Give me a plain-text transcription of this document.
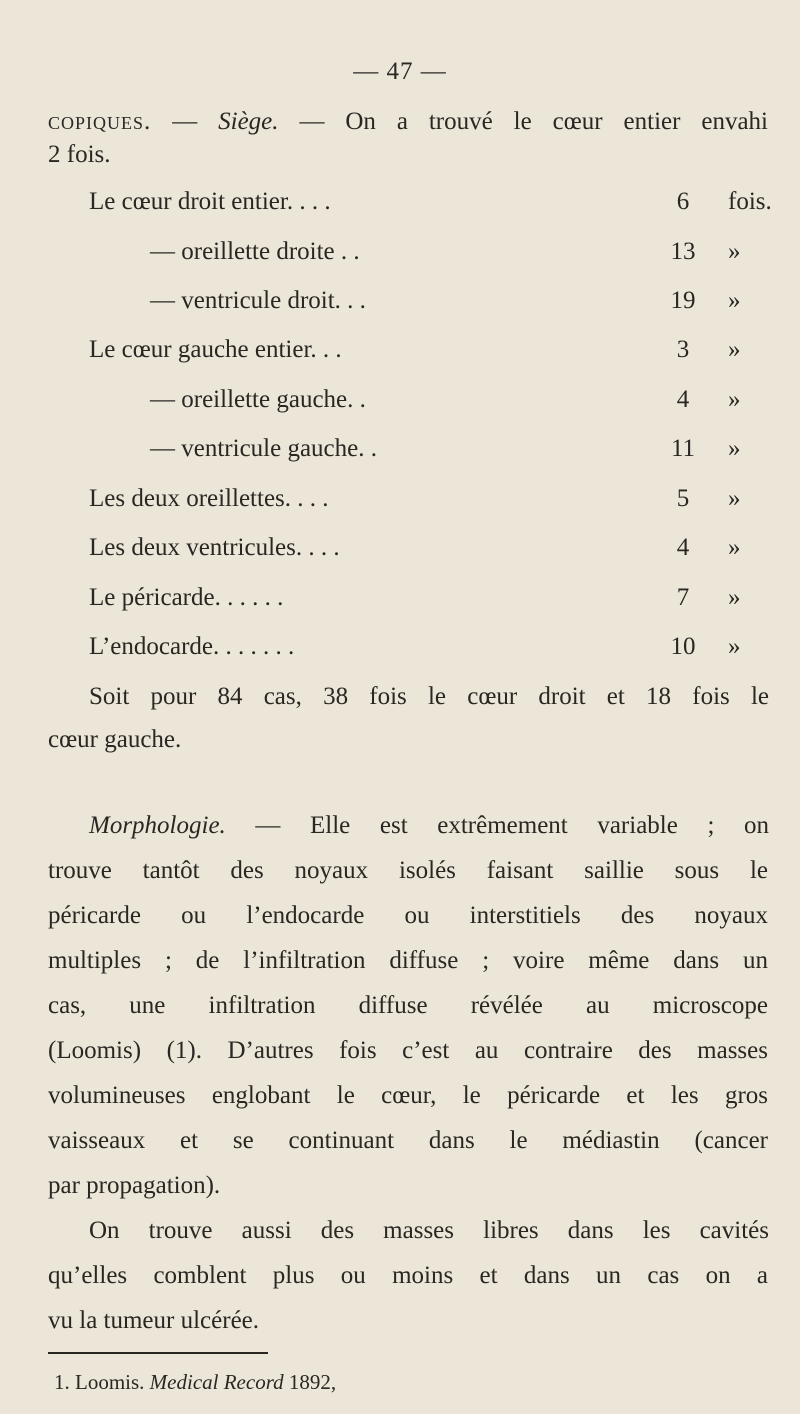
— 47 —
copiques. — Siège. — On a trouvé le cœur entier envahi
2 fois.
Le cœur droit entier. . . .	6	fois.
— oreillette droite . .	13	»
— ventricule droit. . .	19	»
Le cœur gauche entier. . .	3	»
— oreillette gauche. .	4	»
— ventricule gauche. .	11	»
Les deux oreillettes. . . .	5	»
Les deux ventricules. . . .	4	»
Le péricarde. . . . . .	7	»
L’endocarde. . . . . . .	10	»
Soit pour 84 cas, 38 fois le cœur droit et 18 fois le
cœur gauche.
Morphologie. — Elle est extrêmement variable ; on
trouve tantôt des noyaux isolés faisant saillie sous le
péricarde ou l’endocarde ou interstitiels des noyaux
multiples ; de l’infiltration diffuse ; voire même dans un
cas, une infiltration diffuse révélée au microscope
(Loomis) (1). D’autres fois c’est au contraire des masses
volumineuses englobant le cœur, le péricarde et les gros
vaisseaux et se continuant dans le médiastin (cancer
par propagation).
On trouve aussi des masses libres dans les cavités
qu’elles comblent plus ou moins et dans un cas on a
vu la tumeur ulcérée.
1. Loomis. Medical Record 1892,
